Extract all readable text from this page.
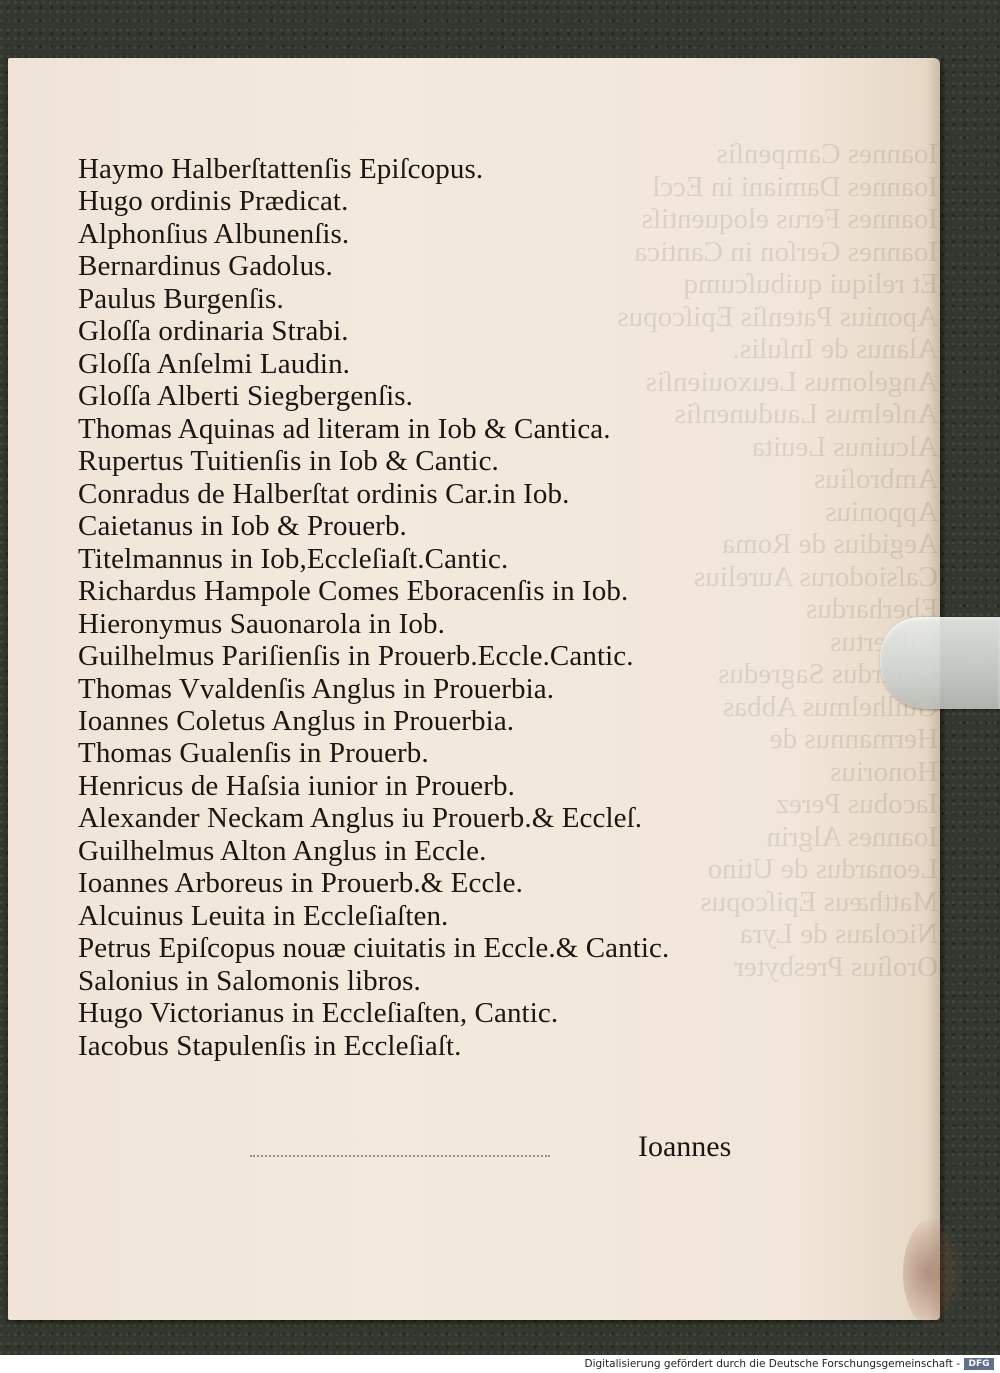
Ioannes Campenſis
Ioannes Damiani in Eccl
Ioannes Ferus eloquentiſs
Ioannes Gerſon in Cantica
Et reliqui quibuſcumq
Aponius Patenſis Epiſcopus
Alanus de Inſulis.
Angelomus Leuxouienſis
Anſelmus Laudunenſis
Alcuinus Leuita
Ambroſius
Apponius
Aegidius de Roma
Caſsiodorus Aurelius
Eberhardus

Gerardus Sagredus
Guilhelmus Abbas
Hermannus de
Honorius
Iacobus Perez
Ioannes Algrin
Leonardus de Utino
Matthæus Epiſcopus
Nicolaus de Lyra
Oroſius Presbyter
Haymo Halberſtattenſis Epiſcopus.
Hugo ordinis Prædicat.
Alphonſius Albunenſis.
Bernardinus Gadolus.
Paulus Burgenſis.
Gloſſa ordinaria Strabi.
Gloſſa Anſelmi Laudin.
Gloſſa Alberti Siegbergenſis.
Thomas Aquinas ad literam in Iob & Cantica.
Rupertus Tuitienſis in Iob & Cantic.
Conradus de Halberſtat ordinis Car.in Iob.
Caietanus in Iob & Prouerb.
Titelmannus in Iob,Eccleſiaſt.Cantic.
Richardus Hampole Comes Eboracenſis in Iob.
Hieronymus Sauonarola in Iob.
Guilhelmus Pariſienſis in Prouerb.Eccle.Cantic.
Thomas Vvaldenſis Anglus in Prouerbia.
Ioannes Coletus Anglus in Prouerbia.
Thomas Gualenſis in Prouerb.
Henricus de Haſsia iunior in Prouerb.
Alexander Neckam Anglus iu Prouerb.& Eccleſ.
Guilhelmus Alton Anglus in Eccle.
Ioannes Arboreus in Prouerb.& Eccle.
Alcuinus Leuita in Eccleſiaſten.
Petrus Epiſcopus nouæ ciuitatis in Eccle.& Cantic.
Salonius in Salomonis libros.
Hugo Victorianus in Eccleſiaſten, Cantic.
Iacobus Stapulenſis in Eccleſiaſt.
Ioannes
Digitalisierung gefördert durch die Deutsche Forschungsgemeinschaft - DFG
